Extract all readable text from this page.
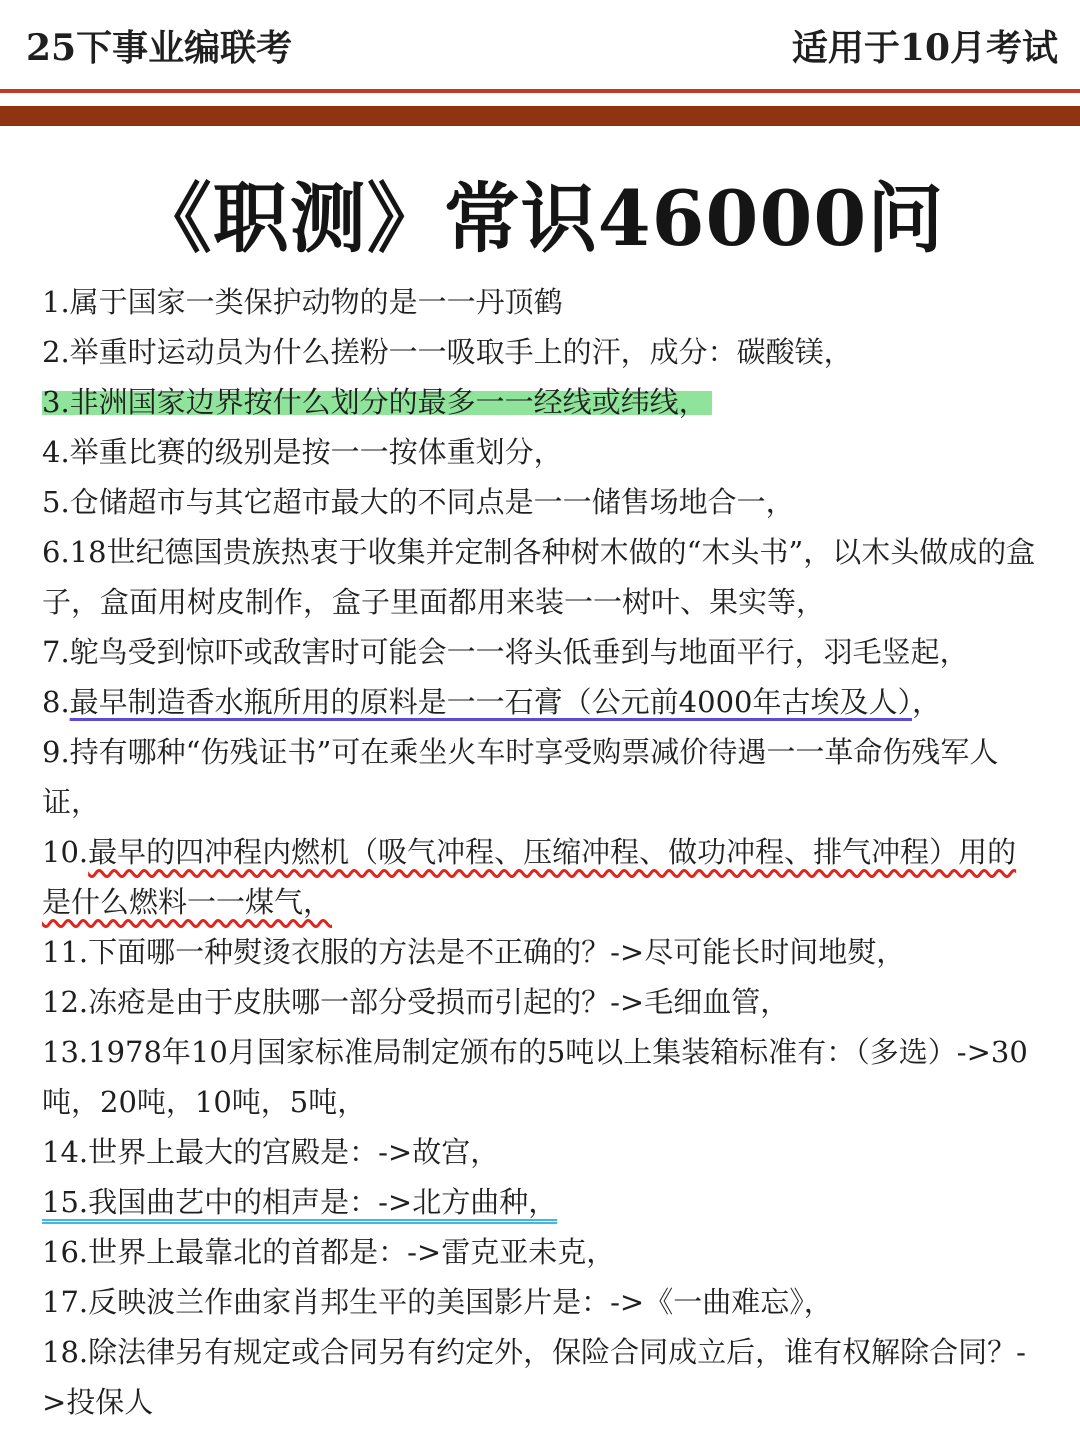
25下事业编联考	适用于10月考试
《职测》常识46000问
1.属于国家一类保护动物的是一一丹顶鹤
2.举重时运动员为什么搓粉一一吸取手上的汗，成分：碳酸镁，
3.非洲国家边界按什么划分的最多一一经线或纬线，
4.举重比赛的级别是按一一按体重划分，
5.仓储超市与其它超市最大的不同点是一一储售场地合一，
6.18世纪德国贵族热衷于收集并定制各种树木做的“木头书”，以木头做成的盒子，盒面用树皮制作，盒子里面都用来装一一树叶、果实等，
7.鸵鸟受到惊吓或敌害时可能会一一将头低垂到与地面平行，羽毛竖起，
8.最早制造香水瓶所用的原料是一一石膏（公元前4000年古埃及人），
9.持有哪种“伤残证书”可在乘坐火车时享受购票减价待遇一一革命伤残军人证，
10.最早的四冲程内燃机（吸气冲程、压缩冲程、做功冲程、排气冲程）用的是什么燃料一一煤气，
11.下面哪一种熨烫衣服的方法是不正确的？->尽可能长时间地熨，
12.冻疮是由于皮肤哪一部分受损而引起的？->毛细血管，
13.1978年10月国家标准局制定颁布的5吨以上集装箱标准有：（多选）->30吨，20吨，10吨，5吨，
14.世界上最大的宫殿是：->故宫，
15.我国曲艺中的相声是：->北方曲种，
16.世界上最靠北的首都是：->雷克亚未克，
17.反映波兰作曲家肖邦生平的美国影片是：->《一曲难忘》，
18.除法律另有规定或合同另有约定外，保险合同成立后，谁有权解除合同？->投保人
